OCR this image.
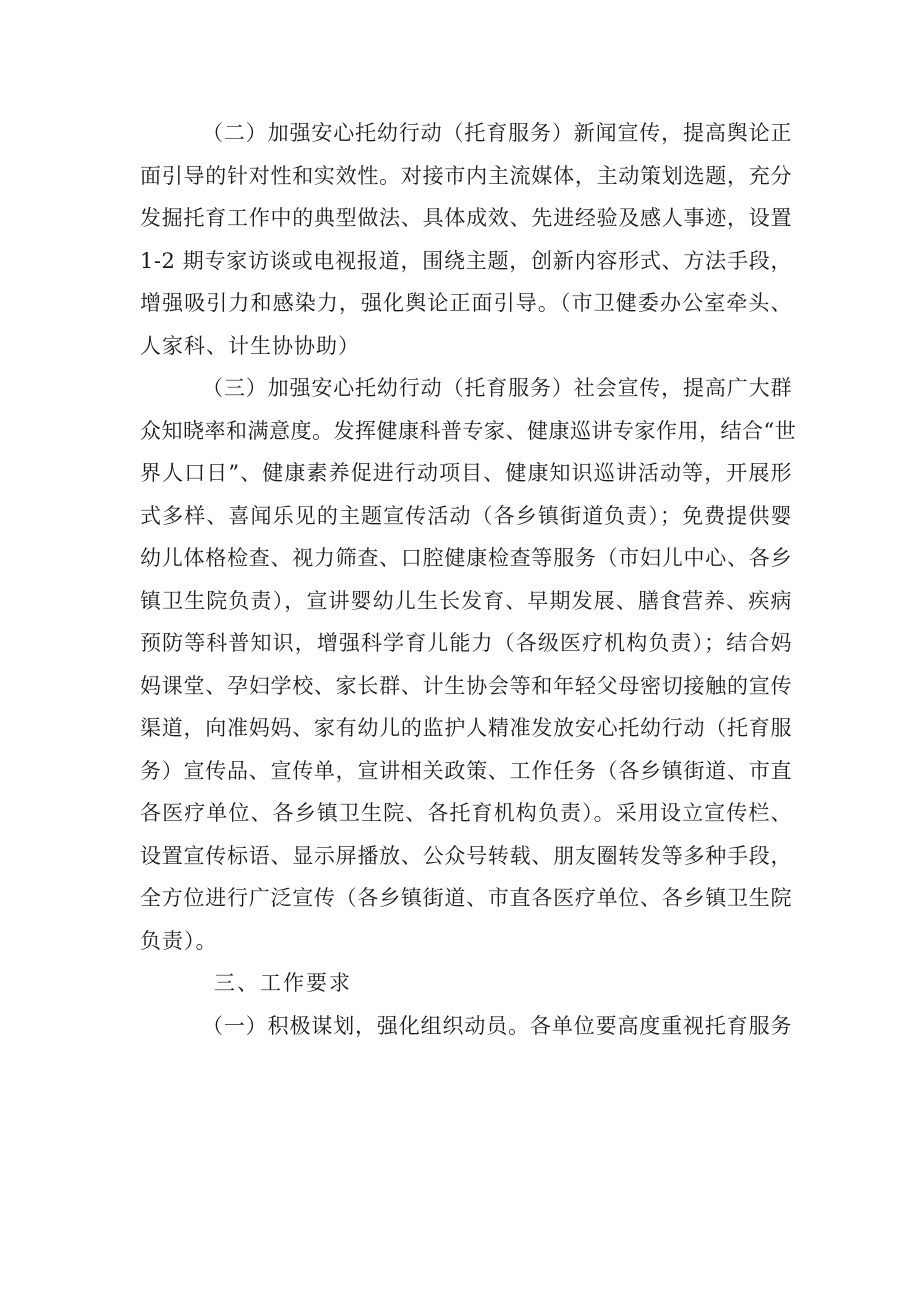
（二）加强安心托幼行动（托育服务）新闻宣传，提高舆论正
面引导的针对性和实效性。对接市内主流媒体，主动策划选题，充分
发掘托育工作中的典型做法、具体成效、先进经验及感人事迹，设置
1-2 期专家访谈或电视报道，围绕主题，创新内容形式、方法手段，
增强吸引力和感染力，强化舆论正面引导。（市卫健委办公室牵头、
人家科、计生协协助）
（三）加强安心托幼行动（托育服务）社会宣传，提高广大群
众知晓率和满意度。发挥健康科普专家、健康巡讲专家作用，结合“世
界人口日”、健康素养促进行动项目、健康知识巡讲活动等，开展形
式多样、喜闻乐见的主题宣传活动（各乡镇街道负责）；免费提供婴
幼儿体格检查、视力筛查、口腔健康检查等服务（市妇儿中心、各乡
镇卫生院负责），宣讲婴幼儿生长发育、早期发展、膳食营养、疾病
预防等科普知识，增强科学育儿能力（各级医疗机构负责）；结合妈
妈课堂、孕妇学校、家长群、计生协会等和年轻父母密切接触的宣传
渠道，向准妈妈、家有幼儿的监护人精准发放安心托幼行动（托育服
务）宣传品、宣传单，宣讲相关政策、工作任务（各乡镇街道、市直
各医疗单位、各乡镇卫生院、各托育机构负责）。采用设立宣传栏、
设置宣传标语、显示屏播放、公众号转载、朋友圈转发等多种手段，
全方位进行广泛宣传（各乡镇街道、市直各医疗单位、各乡镇卫生院
负责）。
三、工作要求
（一）积极谋划，强化组织动员。各单位要高度重视托育服务
